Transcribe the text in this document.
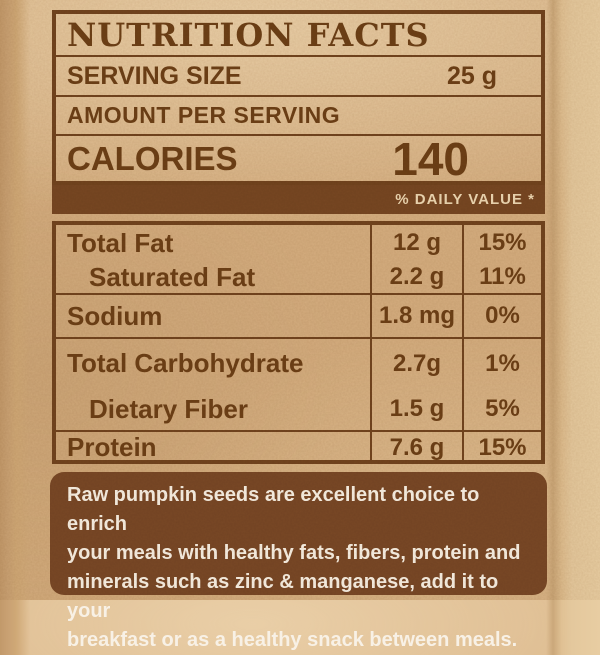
NUTRITION FACTS
SERVING SIZE	25 g
AMOUNT PER SERVING
CALORIES	140
% DAILY VALUE *
Total Fat	12 g	15%
Saturated Fat	2.2 g	11%
Sodium	1.8 mg	0%
Total Carbohydrate	2.7g	1%
Dietary Fiber	1.5 g	5%
Protein	7.6 g	15%
Raw pumpkin seeds are excellent choice to enrich
your meals with healthy fats, fibers, protein and
minerals such as zinc & manganese, add it to your
breakfast or as a healthy snack between meals.
